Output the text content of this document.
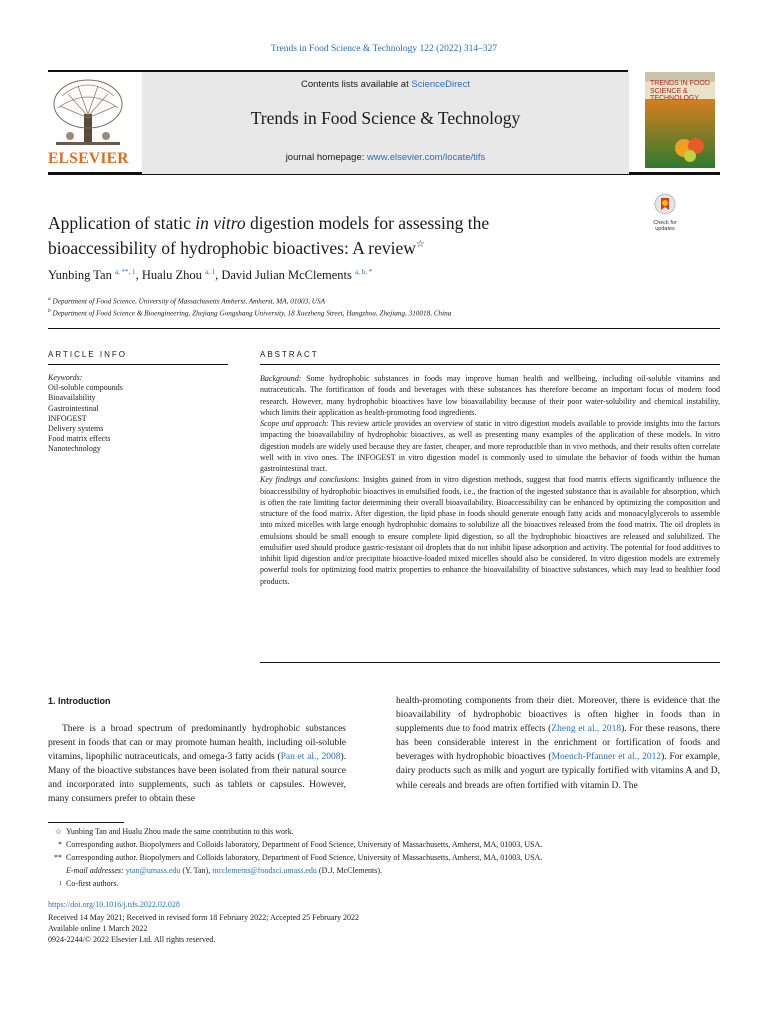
Trends in Food Science & Technology 122 (2022) 314–327
ELSEVIER
Contents lists available at ScienceDirect
Trends in Food Science & Technology
journal homepage: www.elsevier.com/locate/tifs
TRENDS IN FOOD SCIENCE & TECHNOLOGY
Check for updates
Application of static in vitro digestion models for assessing the
bioaccessibility of hydrophobic bioactives: A review☆
Yunbing Tan $^{a, **, 1}$, Hualu Zhou $^{a, 1}$, David Julian McClements $^{a, b, *}$
$^a$ Department of Food Science, University of Massachusetts Amherst, Amherst, MA, 01003, USA
$^b$ Department of Food Science & Bioengineering, Zhejiang Gongshang University, 18 Xuezheng Street, Hangzhou, Zhejiang, 310018, China
ARTICLE INFO
Keywords:
Oil-soluble compounds
Bioavailability
Gastrointestinal
INFOGEST
Delivery systems
Food matrix effects
Nanotechnology
ABSTRACT
Background: Some hydrophobic substances in foods may improve human health and wellbeing, including oil-soluble vitamins and nutraceuticals. The fortification of foods and beverages with these substances has therefore become an important focus of modern food research. However, many hydrophobic bioactives have low bioavailability because of their poor water-solubility and chemical instability, which limits their application as health-promoting food ingredients.
Scope and approach: This review article provides an overview of static in vitro digestion models available to provide insights into the factors impacting the bioavailability of hydrophobic bioactives, as well as presenting many examples of the application of these models. In vitro digestion models are widely used because they are faster, cheaper, and more reproducible than in vivo methods, and their results often correlate well with in vivo ones. The INFOGEST in vitro digestion model is commonly used to simulate the behavior of foods within the human gastrointestinal tract.
Key findings and conclusions: Insights gained from in vitro digestion methods, suggest that food matrix effects significantly influence the bioaccessibility of hydrophobic bioactives in emulsified foods, i.e., the fraction of the ingested substance that is available for absorption, which is often the rate limiting factor determining their overall bioavailability. Bioaccessibility can be enhanced by optimizing the composition and structure of the food matrix. After digestion, the lipid phase in foods should generate enough fatty acids and monoacylglycerols to assemble into mixed micelles with large enough hydrophobic domains to solubilize all the bioactives released from the food matrix. The oil droplets in emulsions should be small enough to ensure complete lipid digestion, so all the hydrophobic bioactives are released and solubilized. The emulsifier used should produce gastric-resistant oil droplets that do not inhibit lipase adsorption and activity. The potential for food additives to inhibit lipid digestion and/or precipitate bioactive-loaded mixed micelles should also be considered. In vitro digestion models are extremely powerful tools for optimizing food matrix properties to enhance the bioavailability of bioactive substances, which may lead to healthier food products.
1. Introduction
There is a broad spectrum of predominantly hydrophobic substances present in foods that can or may promote human health, including oil-soluble vitamins, lipophilic nutraceuticals, and omega-3 fatty acids (Pan et al., 2008). Many of the bioactive substances have been isolated from their natural source and incorporated into supplements, such as tablets or capsules. However, many consumers prefer to obtain these
health-promoting components from their diet. Moreover, there is evidence that the bioavailability of hydrophobic bioactives is often higher in foods than in supplements due to food matrix effects (Zheng et al., 2018). For these reasons, there has been considerable interest in the enrichment or fortification of foods and beverages with hydrophobic bioactives (Moench-Pfanner et al., 2012). For example, dairy products such as milk and yogurt are typically fortified with vitamins A and D, while cereals and breads are often fortified with vitamin D. The
☆ Yunbing Tan and Hualu Zhou made the same contribution to this work.
* Corresponding author. Biopolymers and Colloids laboratory, Department of Food Science, University of Massachusetts, Amherst, MA, 01003, USA.
** Corresponding author. Biopolymers and Colloids laboratory, Department of Food Science, University of Massachusetts, Amherst, MA, 01003, USA.
E-mail addresses: ytan@umass.edu (Y. Tan), mcclements@foodsci.umass.edu (D.J. McClements).
1 Co-first authors.
https://doi.org/10.1016/j.tifs.2022.02.028
Received 14 May 2021; Received in revised form 18 February 2022; Accepted 25 February 2022
Available online 1 March 2022
0924-2244/© 2022 Elsevier Ltd. All rights reserved.
